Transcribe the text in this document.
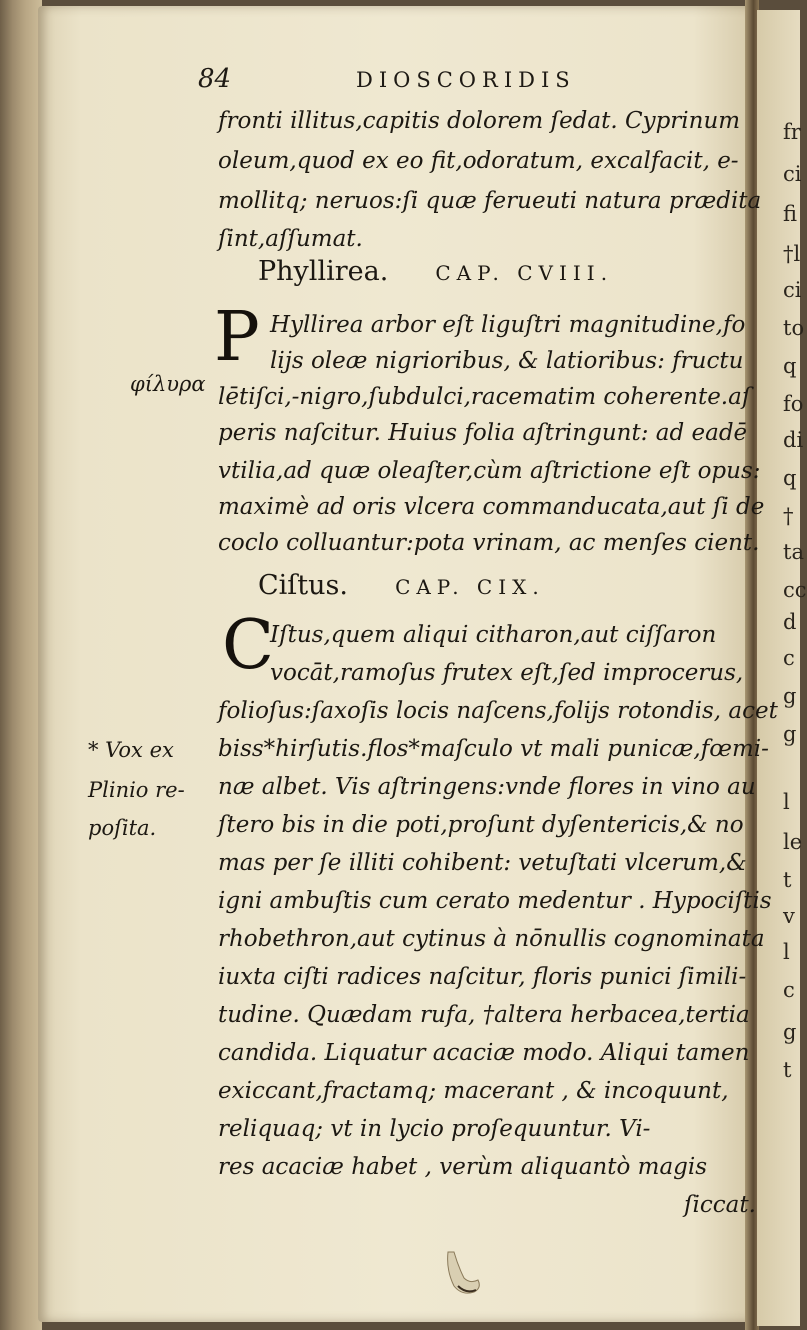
fr
ci
fi
†l
ci
to
q
fo
di
q
†
ta
cc
d
c
g
g
l
le
t
v
l
c
g
t
84	DIOSCORIDIS
fronti illitus,capitis dolorem ſedat. Cyprinum
oleum,quod ex eo fit,odoratum, excalfacit, e-
mollitq; neruos:ſi quæ ferueuti natura prædita
ſint,aſſumat.
Phyllirea. CAP. CVIII.
P
φίλυρα
Hyllirea arbor eſt liguſtri magnitudine,fo
lijs oleæ nigrioribus, & latioribus: fructu
lētiſci,-nigro,ſubdulci,racematim coherente.aſ
peris naſcitur. Huius folia aſtringunt: ad eadē
vtilia,ad quæ oleaſter,cùm aſtrictione eſt opus:
maximè ad oris vlcera commanducata,aut ſi de
coclo colluantur:pota vrinam, ac menſes cient.
Ciſtus. CAP. CIX.
C
* Vox ex
Plinio re-
poſita.
Iſtus,quem aliqui citharon,aut ciſſaron
vocāt,ramoſus frutex eſt,ſed improcerus,
folioſus:ſaxoſis locis naſcens,folijs rotondis, acet
biss*hirſutis.flos*maſculo vt mali punicæ,fœmi-
næ albet. Vis aſtringens:vnde flores in vino au
ſtero bis in die poti,proſunt dyſentericis,& no
mas per ſe illiti cohibent: vetuſtati vlcerum,&
igni ambuſtis cum cerato medentur . Hypociſtis
rhobethron,aut cytinus à nōnullis cognominata
iuxta ciſti radices naſcitur, floris punici ſimili-
tudine. Quædam rufa, †altera herbacea,tertia
candida. Liquatur acaciæ modo. Aliqui tamen
exiccant,fractamq; macerant , & incoquunt,
reliquaq; vt in lycio proſequuntur. Vi-
res acaciæ habet , verùm aliquantò magis
ſiccat.
